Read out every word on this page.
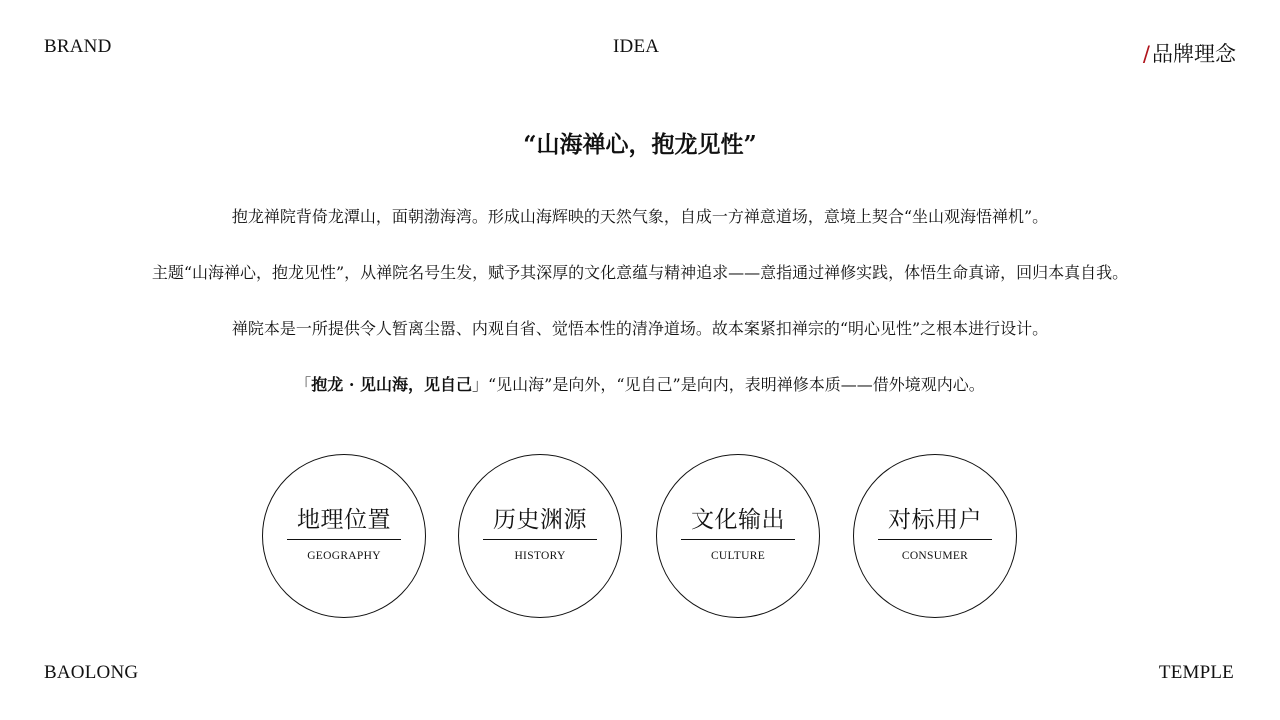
BRAND	IDEA	/品牌理念
“山海禅心，抱龙见性”
抱龙禅院背倚龙潭山，面朝渤海湾。形成山海辉映的天然气象，自成一方禅意道场，意境上契合“坐山观海悟禅机”。
主题“山海禅心，抱龙见性”，从禅院名号生发，赋予其深厚的文化意蕴与精神追求——意指通过禅修实践，体悟生命真谛，回归本真自我。
禅院本是一所提供令人暂离尘嚣、内观自省、觉悟本性的清净道场。故本案紧扣禅宗的“明心见性”之根本进行设计。
「抱龙 · 见山海，见自己」“见山海”是向外，“见自己”是向内，表明禅修本质——借外境观内心。
地理位置
GEOGRAPHY
历史渊源
HISTORY
文化输出
CULTURE
对标用户
CONSUMER
BAOLONG	TEMPLE
